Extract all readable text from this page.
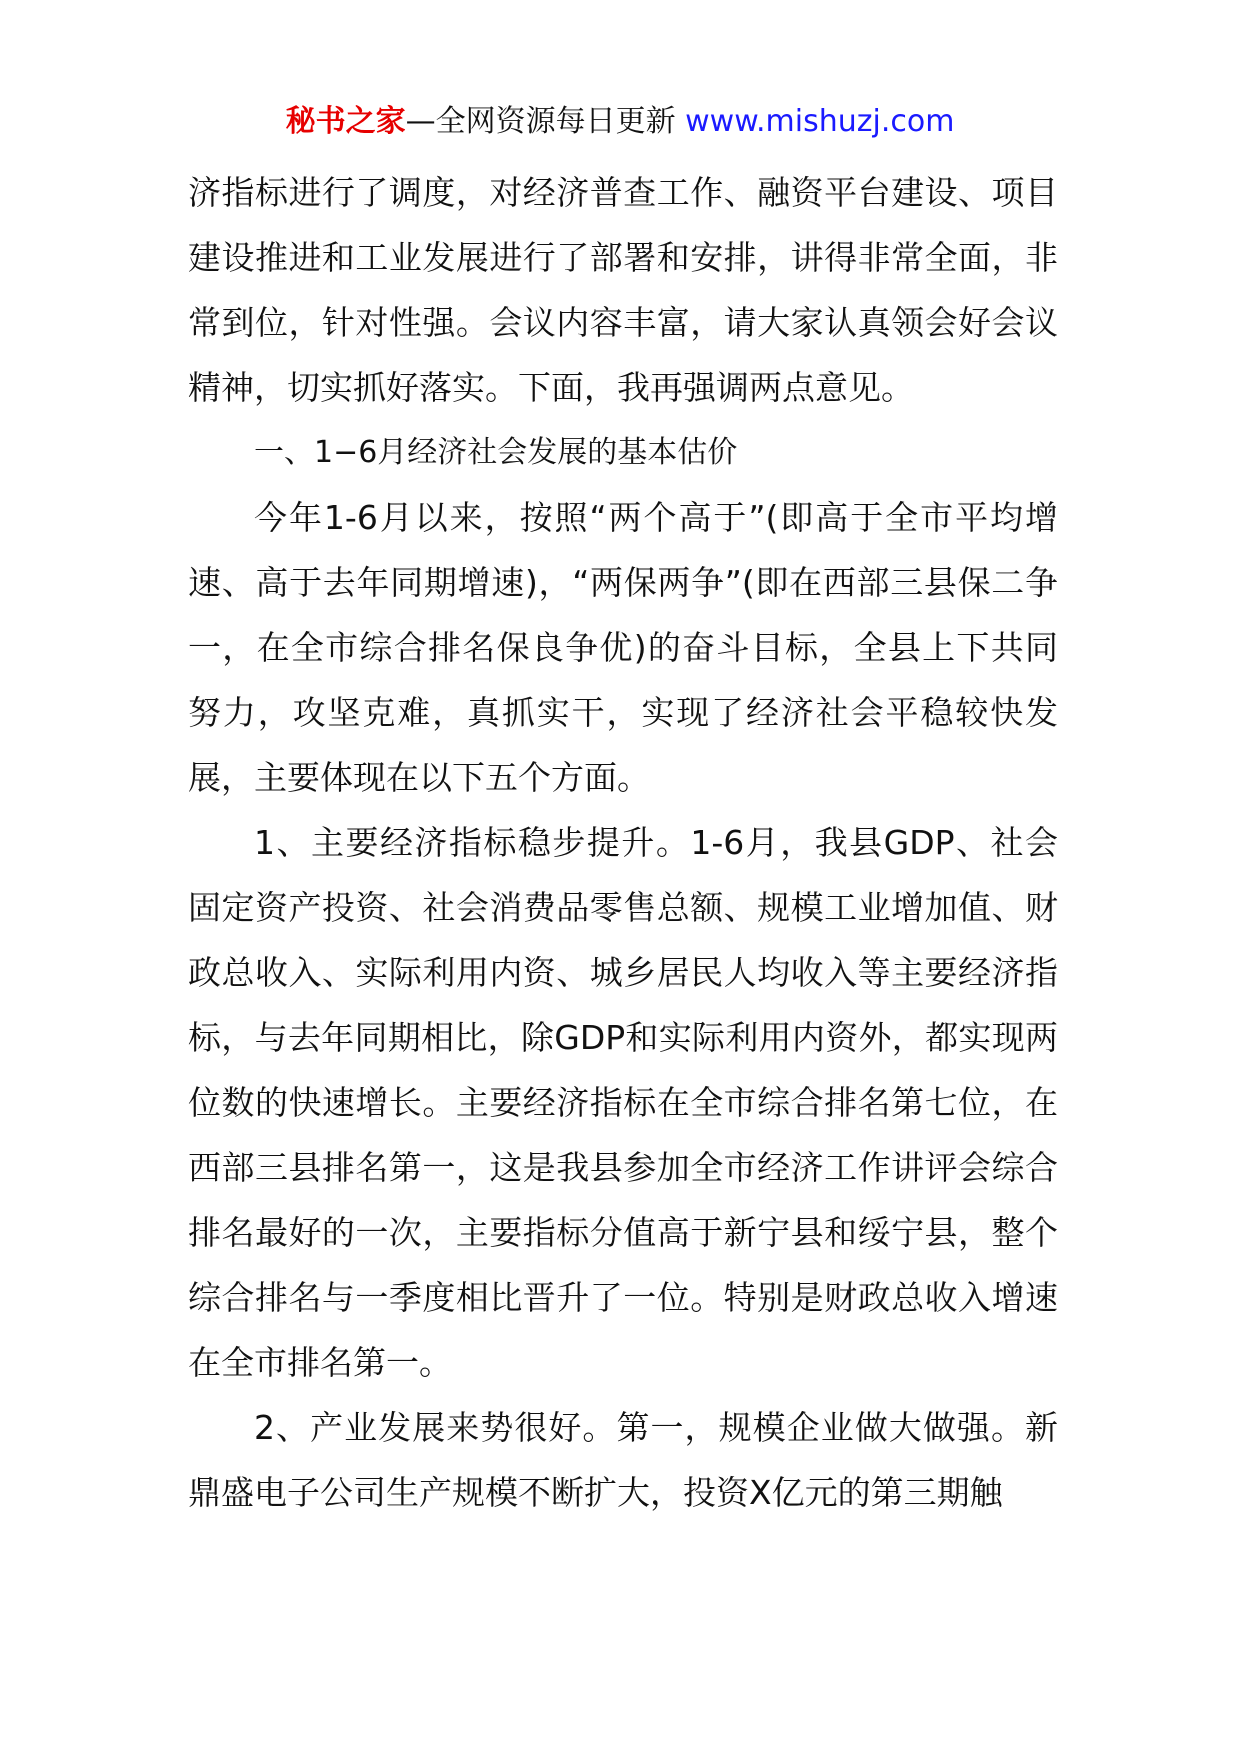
秘书之家—全网资源每日更新 www.mishuzj.com

济指标进行了调度，对经济普查工作、融资平台建设、项目建设推进和工业发展进行了部署和安排，讲得非常全面，非常到位，针对性强。会议内容丰富，请大家认真领会好会议精神，切实抓好落实。下面，我再强调两点意见。

一、1−6月经济社会发展的基本估价

今年1-6月以来，按照“两个高于”(即高于全市平均增速、高于去年同期增速)，“两保两争”(即在西部三县保二争一，在全市综合排名保良争优)的奋斗目标，全县上下共同努力，攻坚克难，真抓实干，实现了经济社会平稳较快发展，主要体现在以下五个方面。

1、主要经济指标稳步提升。1-6月，我县GDP、社会固定资产投资、社会消费品零售总额、规模工业增加值、财政总收入、实际利用内资、城乡居民人均收入等主要经济指标，与去年同期相比，除GDP和实际利用内资外，都实现两位数的快速增长。主要经济指标在全市综合排名第七位，在西部三县排名第一，这是我县参加全市经济工作讲评会综合排名最好的一次，主要指标分值高于新宁县和绥宁县，整个综合排名与一季度相比晋升了一位。特别是财政总收入增速在全市排名第一。

2、产业发展来势很好。第一，规模企业做大做强。新鼎盛电子公司生产规模不断扩大，投资X亿元的第三期触
